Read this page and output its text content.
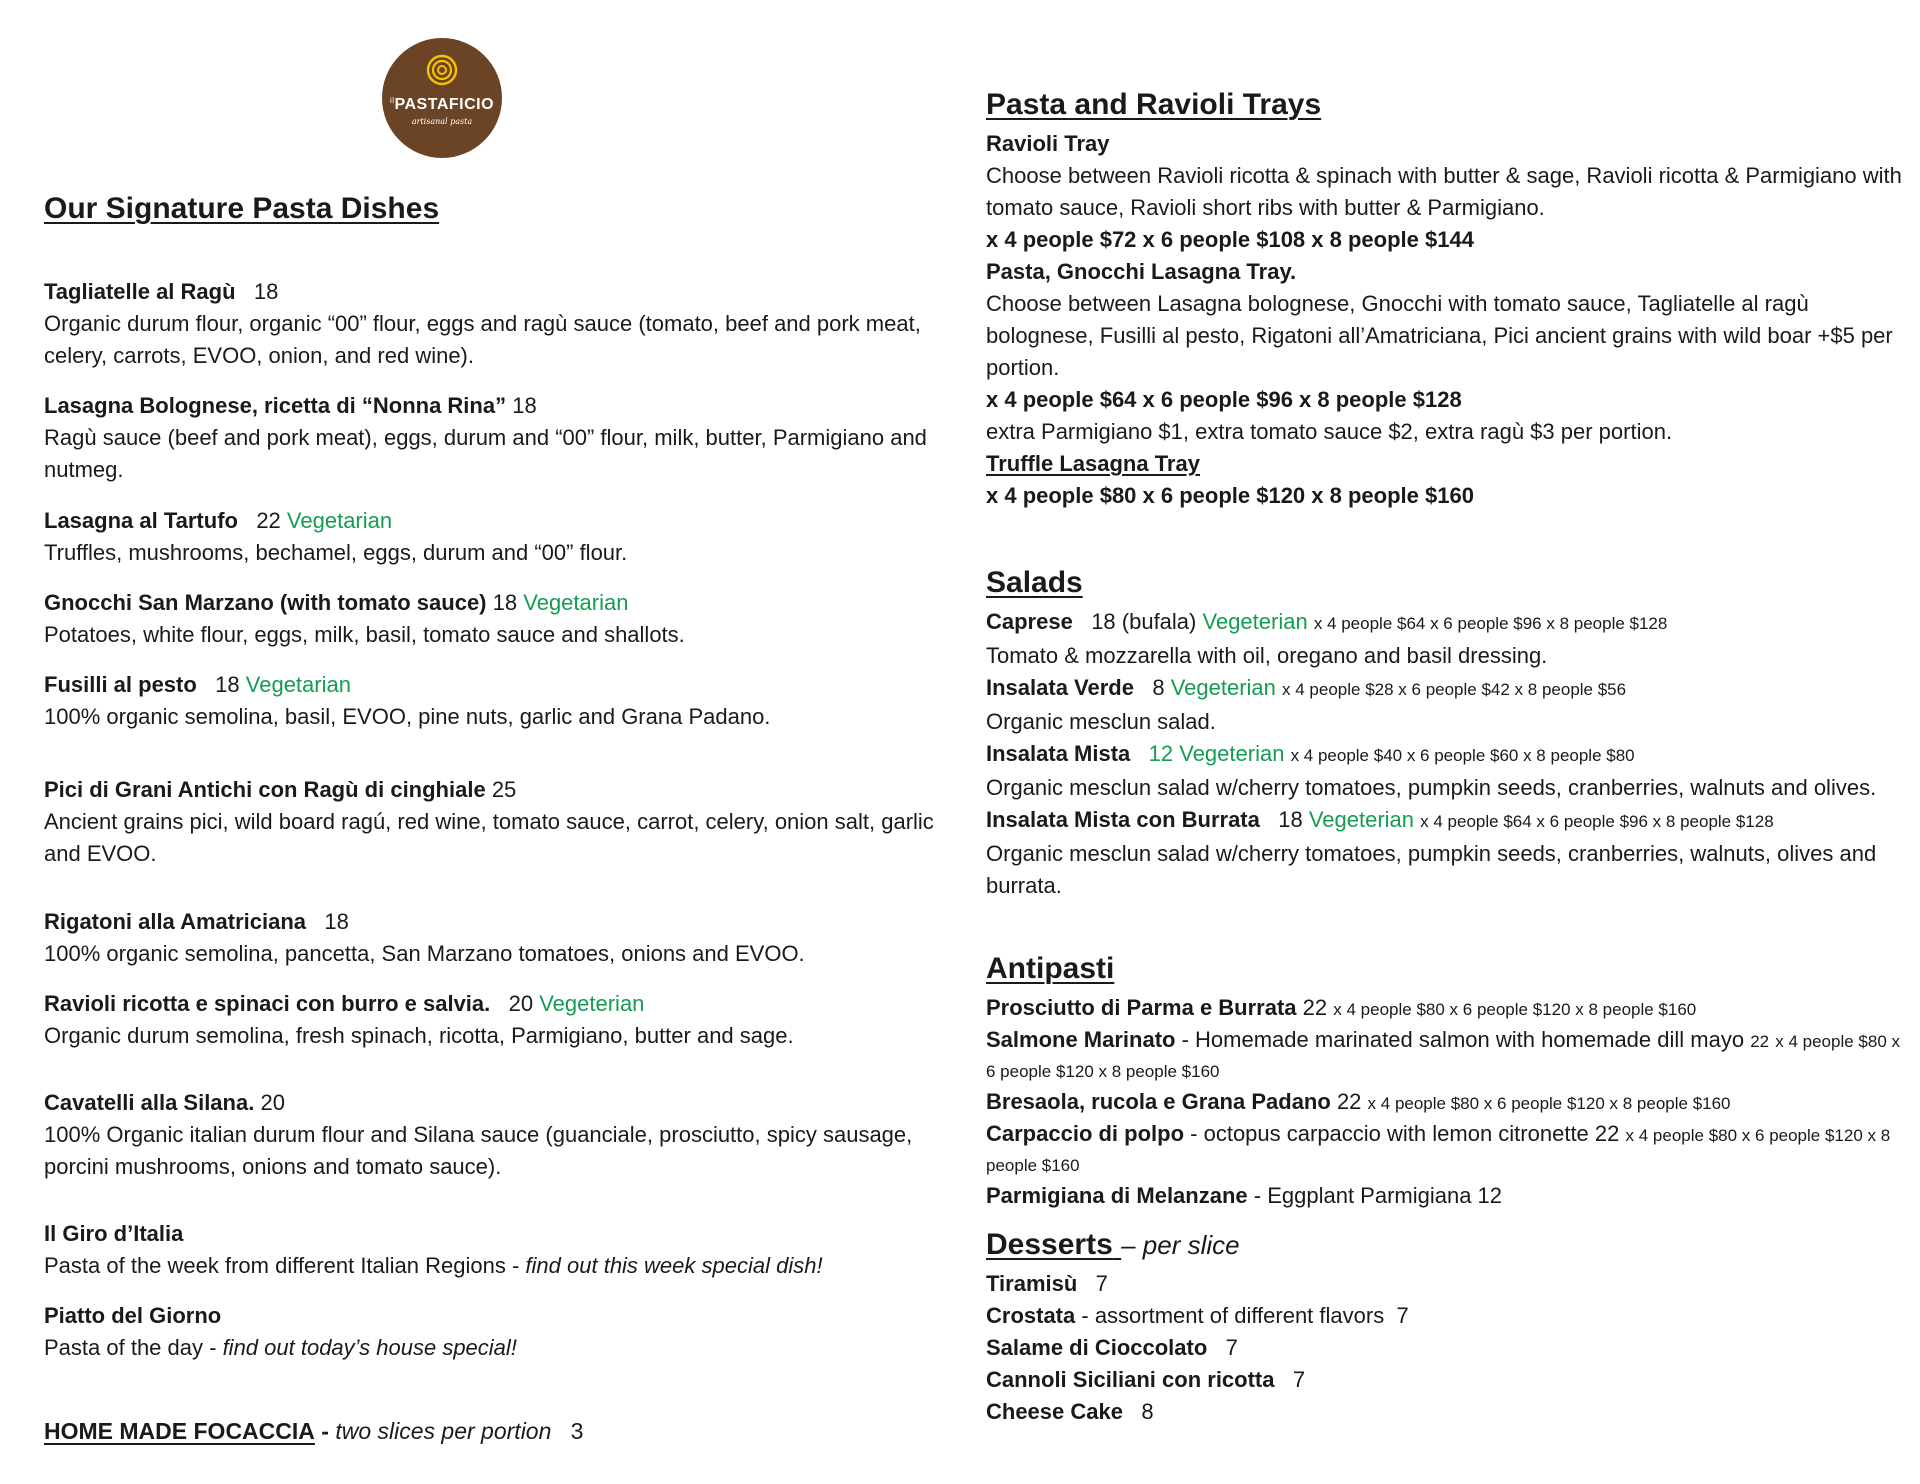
$^{il}$PASTAFICIO
artisanal pasta
Our Signature Pasta Dishes
Tagliatelle al Ragù 18
Organic durum flour, organic “00” flour, eggs and ragù sauce (tomato, beef and pork meat, celery, carrots, EVOO, onion, and red wine).
Lasagna Bolognese, ricetta di “Nonna Rina” 18
Ragù sauce (beef and pork meat), eggs, durum and “00” flour, milk, butter, Parmigiano and nutmeg.
Lasagna al Tartufo 22 Vegetarian
Truffles, mushrooms, bechamel, eggs, durum and “00” flour.
Gnocchi San Marzano (with tomato sauce) 18 Vegetarian
Potatoes, white flour, eggs, milk, basil, tomato sauce and shallots.
Fusilli al pesto 18 Vegetarian
100% organic semolina, basil, EVOO, pine nuts, garlic and Grana Padano.
Pici di Grani Antichi con Ragù di cinghiale 25
Ancient grains pici, wild board ragú, red wine, tomato sauce, carrot, celery, onion salt, garlic and EVOO.
Rigatoni alla Amatriciana 18
100% organic semolina, pancetta, San Marzano tomatoes, onions and EVOO.
Ravioli ricotta e spinaci con burro e salvia. 20 Vegeterian
Organic durum semolina, fresh spinach, ricotta, Parmigiano, butter and sage.
Cavatelli alla Silana. 20
100% Organic italian durum flour and Silana sauce (guanciale, prosciutto, spicy sausage, porcini mushrooms, onions and tomato sauce).
Il Giro d’Italia
Pasta of the week from different Italian Regions - find out this week special dish!
Piatto del Giorno
Pasta of the day - find out today’s house special!
HOME MADE FOCACCIA - two slices per portion 3
Pasta and Ravioli Trays
Ravioli Tray
Choose between Ravioli ricotta & spinach with butter & sage, Ravioli ricotta & Parmigiano with tomato sauce, Ravioli short ribs with butter & Parmigiano.
x 4 people $72 x 6 people $108 x 8 people $144
Pasta, Gnocchi Lasagna Tray.
Choose between Lasagna bolognese, Gnocchi with tomato sauce, Tagliatelle al ragù bolognese, Fusilli al pesto, Rigatoni all’Amatriciana, Pici ancient grains with wild boar +$5 per portion.
x 4 people $64 x 6 people $96 x 8 people $128
extra Parmigiano $1, extra tomato sauce $2, extra ragù $3 per portion.
Truffle Lasagna Tray
x 4 people $80 x 6 people $120 x 8 people $160
Salads
Caprese 18 (bufala) Vegeterian x 4 people $64 x 6 people $96 x 8 people $128
Tomato & mozzarella with oil, oregano and basil dressing.
Insalata Verde 8 Vegeterian x 4 people $28 x 6 people $42 x 8 people $56
Organic mesclun salad.
Insalata Mista 12 Vegeterian x 4 people $40 x 6 people $60 x 8 people $80
Organic mesclun salad w/cherry tomatoes, pumpkin seeds, cranberries, walnuts and olives.
Insalata Mista con Burrata 18 Vegeterian x 4 people $64 x 6 people $96 x 8 people $128
Organic mesclun salad w/cherry tomatoes, pumpkin seeds, cranberries, walnuts, olives and burrata.
Antipasti
Prosciutto di Parma e Burrata 22 x 4 people $80 x 6 people $120 x 8 people $160
Salmone Marinato - Homemade marinated salmon with homemade dill mayo 22 x 4 people $80 x 6 people $120 x 8 people $160
Bresaola, rucola e Grana Padano 22 x 4 people $80 x 6 people $120 x 8 people $160
Carpaccio di polpo - octopus carpaccio with lemon citronette 22 x 4 people $80 x 6 people $120 x 8 people $160
Parmigiana di Melanzane - Eggplant Parmigiana 12
Desserts – per slice
Tiramisù 7
Crostata - assortment of different flavors 7
Salame di Cioccolato 7
Cannoli Siciliani con ricotta 7
Cheese Cake 8
